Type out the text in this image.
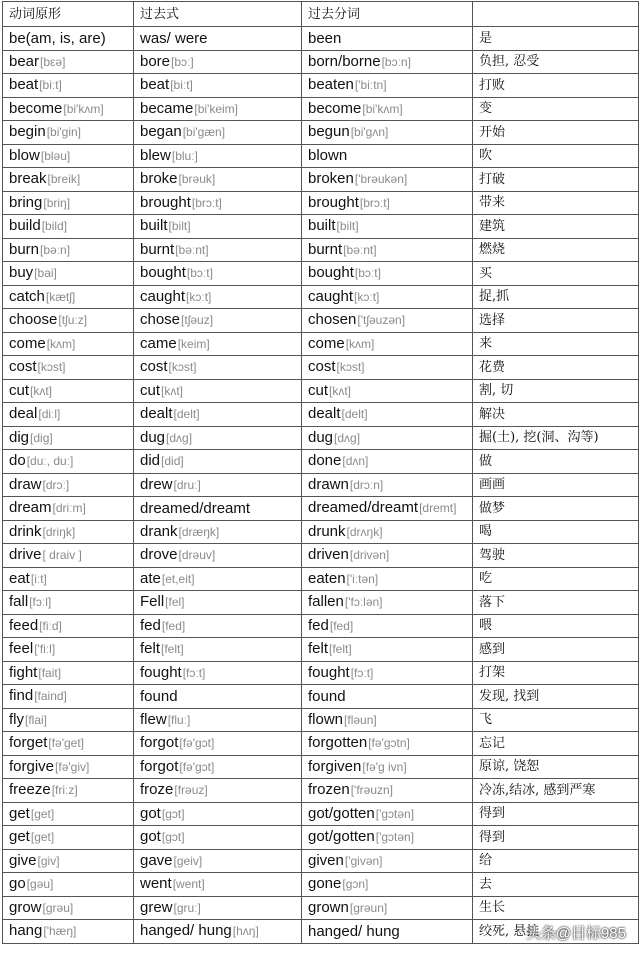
动词原形	过去式	过去分词	
be(am, is, are)	was/ were	been	是
bear[bεə]	bore[bɔː]	born/borne[bɔːn]	负担, 忍受
beat[biːt]	beat[biːt]	beaten['biːtn]	打败
become[bi'kʌm]	became[bi'keim]	become[bi'kʌm]	变
begin[bi'gin]	began[bi'gæn]	begun[bi'gʌn]	开始
blow[bləu]	blew[bluː]	blown	吹
break[breik]	broke[brəuk]	broken['brəukən]	打破
bring[briŋ]	brought[brɔːt]	brought[brɔːt]	带来
build[bild]	built[bilt]	built[bilt]	建筑
burn[bəːn]	burnt[bəːnt]	burnt[bəːnt]	燃烧
buy[bai]	bought[bɔːt]	bought[bɔːt]	买
catch[kætʃ]	caught[kɔːt]	caught[kɔːt]	捉,抓
choose[tʃuːz]	chose[tʃəuz]	chosen['tʃəuzən]	选择
come[kʌm]	came[keim]	come[kʌm]	来
cost[kɔst]	cost[kɔst]	cost[kɔst]	花费
cut[kʌt]	cut[kʌt]	cut[kʌt]	割, 切
deal[diːl]	dealt[delt]	dealt[delt]	解决
dig[dig]	dug[dʌg]	dug[dʌg]	掘(土), 挖(洞、沟等)
do[duː, duː]	did[did]	done[dʌn]	做
draw[drɔː]	drew[druː]	drawn[drɔːn]	画画
dream[driːm]	dreamed/dreamt	dreamed/dreamt[dremt]	做梦
drink[driŋk]	drank[dræŋk]	drunk[drʌŋk]	喝
drive[ draiv ]	drove[drəuv]	driven[drivən]	驾驶
eat[iːt]	ate[et,eit]	eaten['iːtən]	吃
fall[fɔːl]	Fell[fel]	fallen['fɔːlən]	落下
feed[fiːd]	fed[fed]	fed[fed]	喂
feel['fiːl]	felt[felt]	felt[felt]	感到
fight[fait]	fought[fɔːt]	fought[fɔːt]	打架
find[faind]	found	found	发现, 找到
fly[flai]	flew[fluː]	flown[fləun]	飞
forget[fə'get]	forgot[fə'gɔt]	forgotten[fə'gɔtn]	忘记
forgive[fə'giv]	forgot[fə'gɔt]	forgiven[fə'g ivn]	原谅, 饶恕
freeze[friːz]	froze[frəuz]	frozen['frəuzn]	冷冻,结冰, 感到严寒
get[get]	got[gɔt]	got/gotten['gɔtən]	得到
get[get]	got[gɔt]	got/gotten['gɔtən]	得到
give[giv]	gave[geiv]	given['givən]	给
go[gəu]	went[went]	gone[gɔn]	去
grow[grəu]	grew[gruː]	grown[grəun]	生长
hang['hæŋ]	hanged/ hung[hʌŋ]	hanged/ hung	绞死, 悬挂
头条@目标985
